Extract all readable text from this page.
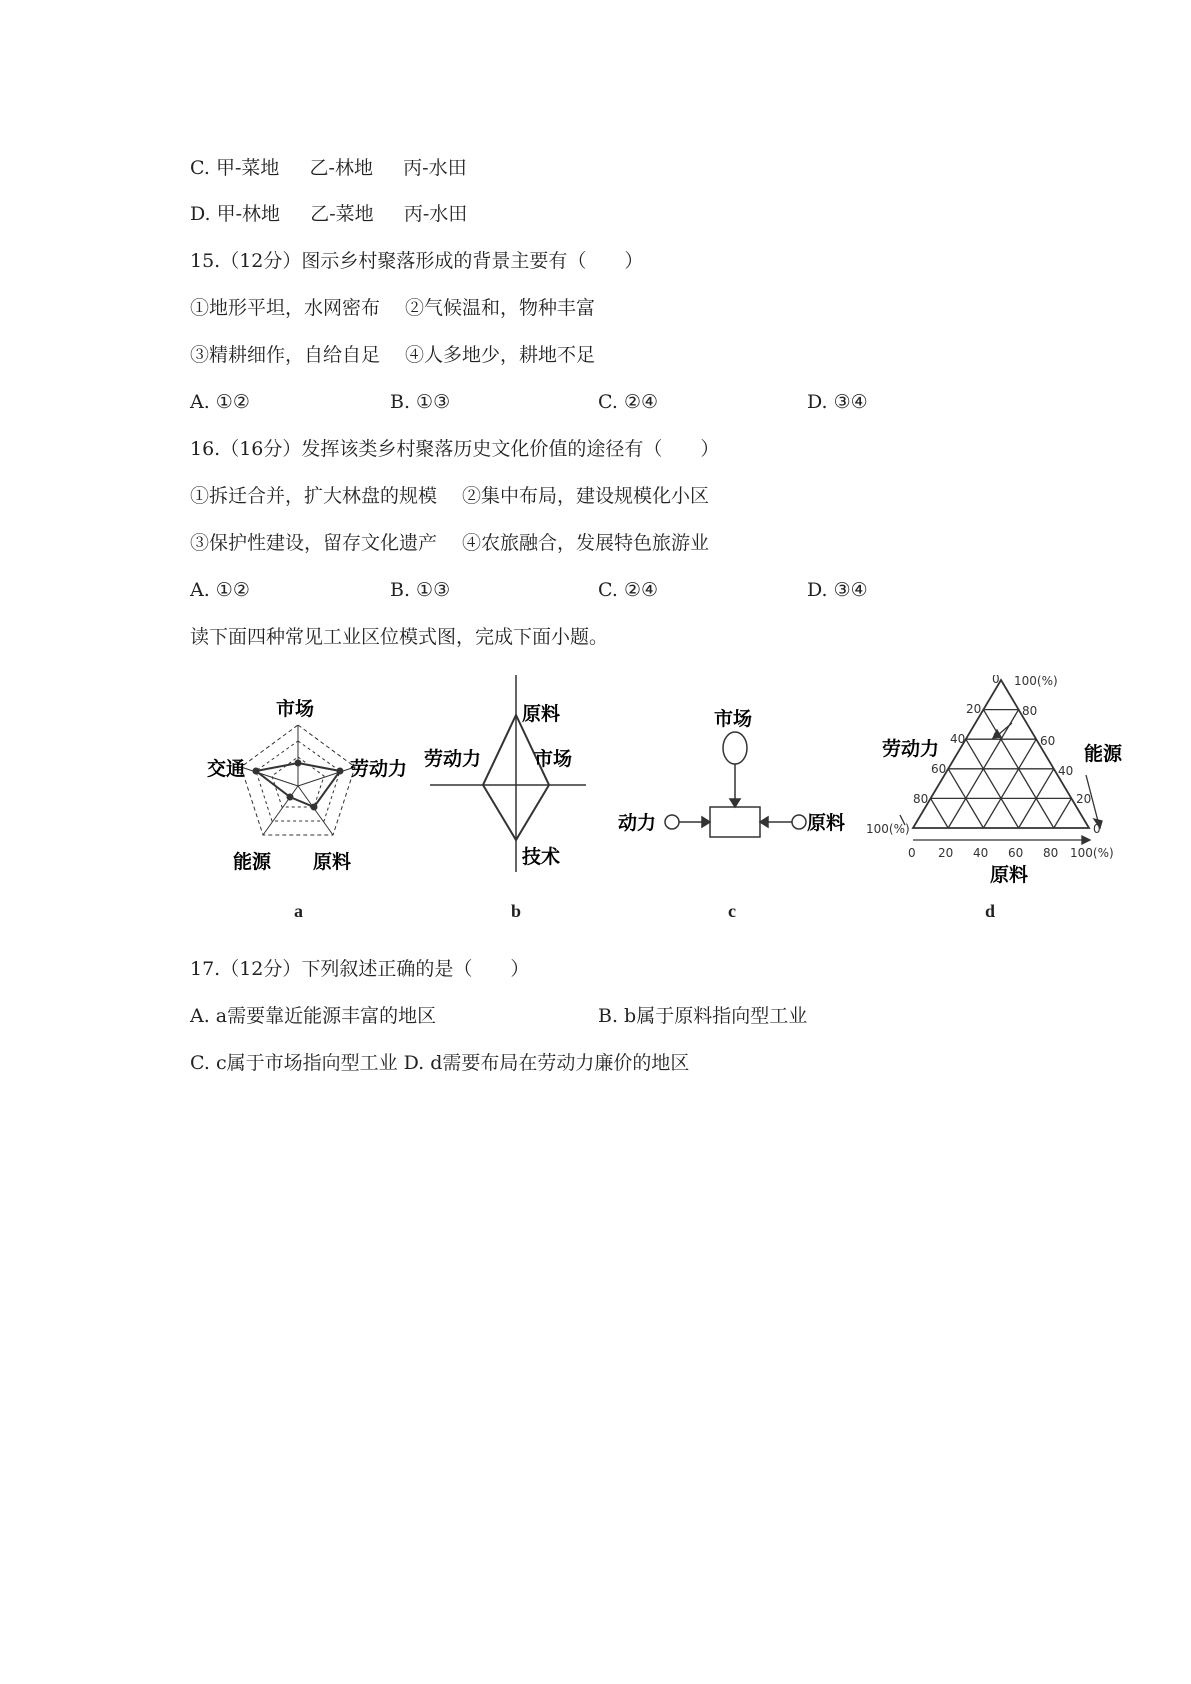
C. 甲-菜地     乙-林地     丙-水田
D. 甲-林地     乙-菜地     丙-水田
15.（12分）图示乡村聚落形成的背景主要有（　　）
①地形平坦，水网密布　 ②气候温和，物种丰富
③精耕细作，自给自足　 ④人多地少，耕地不足
A. ①②	B. ①③	C. ②④	D. ③④
16.（16分）发挥该类乡村聚落历史文化价值的途径有（　　）
①拆迁合并，扩大林盘的规模　 ②集中布局，建设规模化小区
③保护性建设，留存文化遗产　 ④农旅融合，发展特色旅游业
A. ①②	B. ①③	C. ②④	D. ③④
读下面四种常见工业区位模式图，完成下面小题。
市场
劳动力
交通
能源 原料
原料
劳动力	市场
技术
市场
动力	原料
劳动力	能源
原料
0
20
40
60
80
100(%)
100(%)
80
60
40
20
0
0 20 40 60 80 100(%)
a	b	c	d
17.（12分）下列叙述正确的是（　　）
A. a需要靠近能源丰富的地区	B. b属于原料指向型工业
C. c属于市场指向型工业 D. d需要布局在劳动力廉价的地区
